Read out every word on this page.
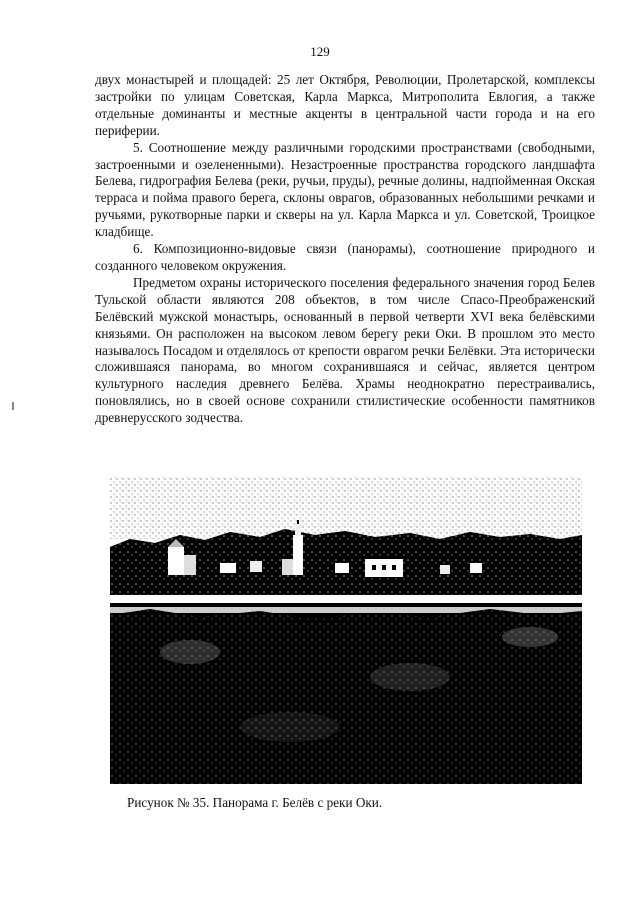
129

двух монастырей и площадей: 25 лет Октября, Революции, Пролетарской, комплексы застройки по улицам Советская, Карла Маркса, Митрополита Евлогия, а также отдельные доминанты и местные акценты в центральной части города и на его периферии.

5. Соотношение между различными городскими пространствами (свободными, застроенными и озелененными). Незастроенные пространства городского ландшафта Белева, гидрография Белева (реки, ручьи, пруды), речные долины, надпойменная Окская терраса и пойма правого берега, склоны оврагов, образованных небольшими речками и ручьями, рукотворные парки и скверы на ул. Карла Маркса и ул. Советской, Троицкое кладбище.

6. Композиционно-видовые связи (панорамы), соотношение природного и созданного человеком окружения.

Предметом охраны исторического поселения федерального значения город Белев Тульской области являются 208 объектов, в том числе Спасо-Преображенский Белёвский мужской монастырь, основанный в первой четверти XVI века белёвскими князьями. Он расположен на высоком левом берегу реки Оки. В прошлом это место называлось Посадом и отделялось от крепости оврагом речки Белёвки. Эта исторически сложившаяся панорама, во многом сохранившаяся и сейчас, является центром культурного наследия древнего Белёва. Храмы неоднократно перестраивались, поновлялись, но в своей основе сохранили стилистические особенности памятников древнерусского зодчества.

Рисунок № 35. Панорама г. Белёв с реки Оки.
